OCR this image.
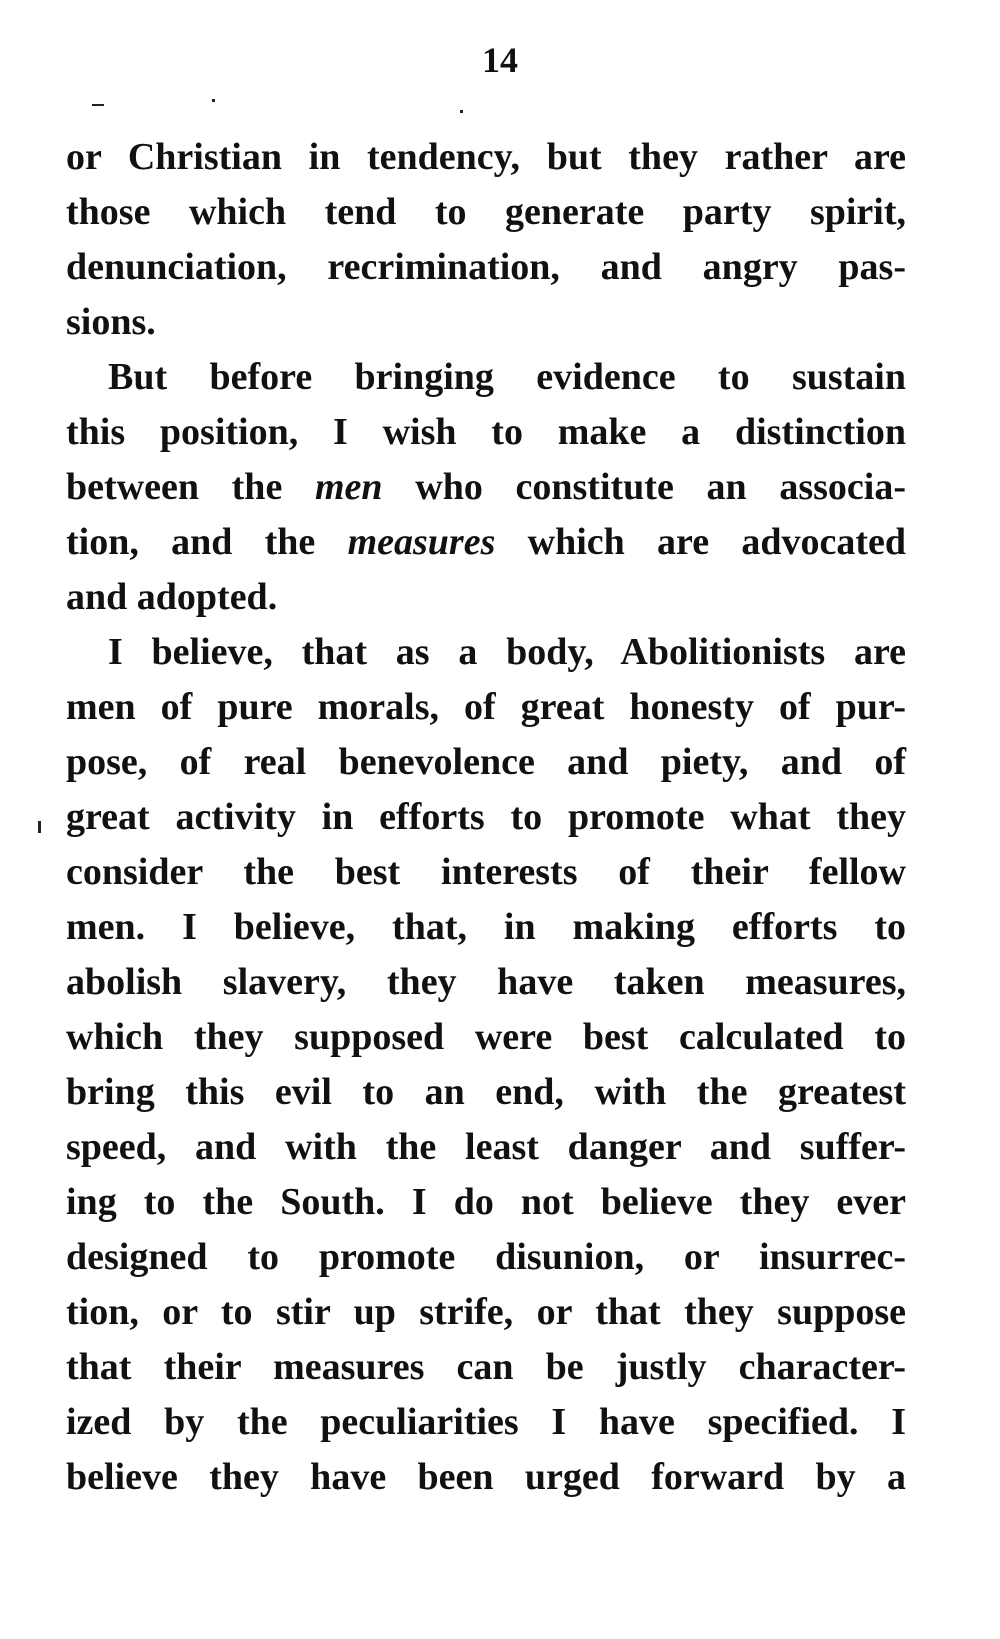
14
or Christian in tendency, but they rather are
those which tend to generate party spirit,
denunciation, recrimination, and angry pas-
sions.
But before bringing evidence to sustain
this position, I wish to make a distinction
between the men who constitute an associa-
tion, and the measures which are advocated
and adopted.
I believe, that as a body, Abolitionists are
men of pure morals, of great honesty of pur-
pose, of real benevolence and piety, and of
great activity in efforts to promote what they
consider the best interests of their fellow
men. I believe, that, in making efforts to
abolish slavery, they have taken measures,
which they supposed were best calculated to
bring this evil to an end, with the greatest
speed, and with the least danger and suffer-
ing to the South. I do not believe they ever
designed to promote disunion, or insurrec-
tion, or to stir up strife, or that they suppose
that their measures can be justly character-
ized by the peculiarities I have specified. I
believe they have been urged forward by a
